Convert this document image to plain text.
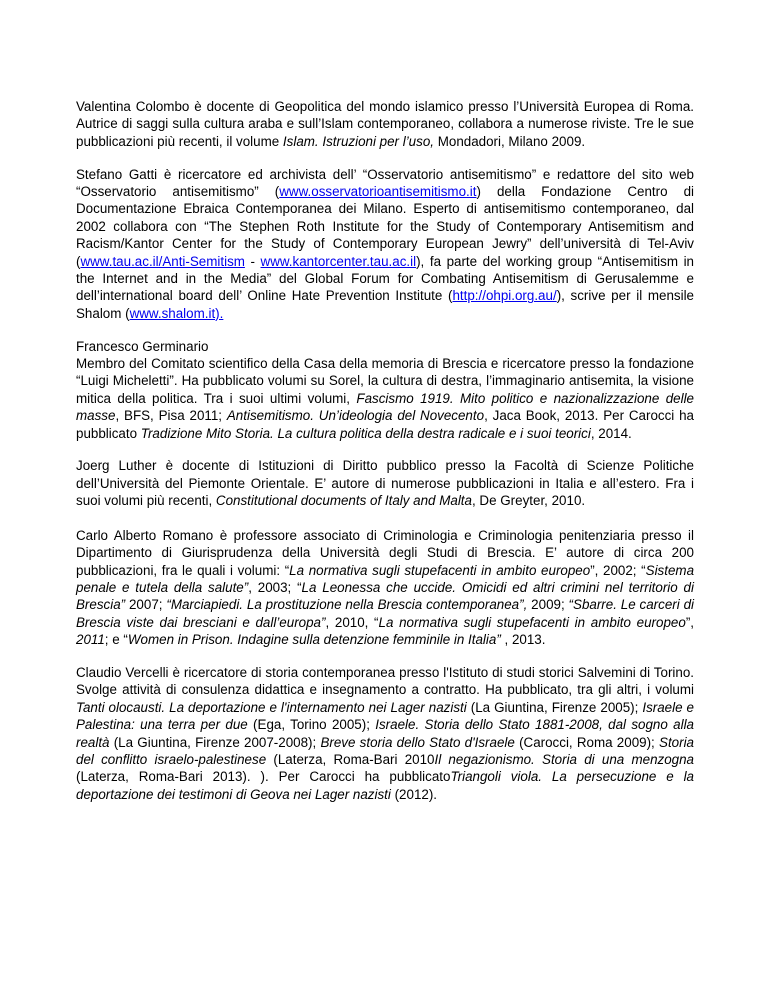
Valentina Colombo è docente di Geopolitica del mondo islamico presso l’Università Europea di Roma. Autrice di saggi sulla cultura araba e sull’Islam contemporaneo, collabora a numerose riviste. Tre le sue pubblicazioni più recenti, il volume Islam. Istruzioni per l’uso, Mondadori, Milano 2009.

Stefano Gatti è ricercatore ed archivista dell’ “Osservatorio antisemitismo” e redattore del sito web “Osservatorio antisemitismo” (www.osservatorioantisemitismo.it) della Fondazione Centro di Documentazione Ebraica Contemporanea dei Milano. Esperto di antisemitismo contemporaneo, dal 2002 collabora con “The Stephen Roth Institute for the Study of Contemporary Antisemitism and Racism/Kantor Center for the Study of Contemporary European Jewry” dell’università di Tel-Aviv (www.tau.ac.il/Anti-Semitism - www.kantorcenter.tau.ac.il), fa parte del working group “Antisemitism in the Internet and in the Media” del Global Forum for Combating Antisemitism di Gerusalemme e dell’international board dell’ Online Hate Prevention Institute (http://ohpi.org.au/), scrive per il mensile Shalom (www.shalom.it).

Francesco Germinario
Membro del Comitato scientifico della Casa della memoria di Brescia e ricercatore presso la fondazione “Luigi Micheletti”. Ha pubblicato volumi su Sorel, la cultura di destra, l’immaginario antisemita, la visione mitica della politica. Tra i suoi ultimi volumi, Fascismo 1919. Mito politico e nazionalizzazione delle masse, BFS, Pisa 2011; Antisemitismo. Un’ideologia del Novecento, Jaca Book, 2013. Per Carocci ha pubblicato Tradizione Mito Storia. La cultura politica della destra radicale e i suoi teorici, 2014.

Joerg Luther è docente di Istituzioni di Diritto pubblico presso la Facoltà di Scienze Politiche dell’Università del Piemonte Orientale. E’ autore di numerose pubblicazioni in Italia e all’estero. Fra i suoi volumi più recenti, Constitutional documents of Italy and Malta, De Greyter, 2010.

Carlo Alberto Romano è professore associato di Criminologia e Criminologia penitenziaria presso il Dipartimento di Giurisprudenza della Università degli Studi di Brescia. E’ autore di circa 200 pubblicazioni, fra le quali i volumi: “La normativa sugli stupefacenti in ambito europeo”, 2002; “Sistema penale e tutela della salute”, 2003; “La Leonessa che uccide. Omicidi ed altri crimini nel territorio di Brescia” 2007; “Marciapiedi. La prostituzione nella Brescia contemporanea”, 2009; “Sbarre. Le carceri di Brescia viste dai bresciani e dall’europa”, 2010, “La normativa sugli stupefacenti in ambito europeo”, 2011; e “Women in Prison. Indagine sulla detenzione femminile in Italia” , 2013.

Claudio Vercelli è ricercatore di storia contemporanea presso l'Istituto di studi storici Salvemini di Torino. Svolge attività di consulenza didattica e insegnamento a contratto. Ha pubblicato, tra gli altri, i volumi Tanti olocausti. La deportazione e l'internamento nei Lager nazisti (La Giuntina, Firenze 2005); Israele e Palestina: una terra per due (Ega, Torino 2005); Israele. Storia dello Stato 1881-2008, dal sogno alla realtà (La Giuntina, Firenze 2007-2008); Breve storia dello Stato d'Israele (Carocci, Roma 2009); Storia del conflitto israelo-palestinese (Laterza, Roma-Bari 2010Il negazionismo. Storia di una menzogna (Laterza, Roma-Bari 2013). ). Per Carocci ha pubblicatoTriangoli viola. La persecuzione e la deportazione dei testimoni di Geova nei Lager nazisti (2012).
